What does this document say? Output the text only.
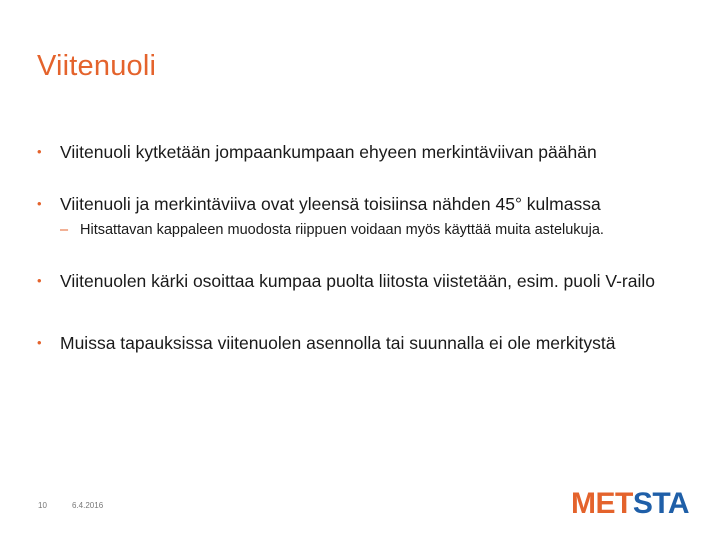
Viitenuoli
• Viitenuoli kytketään jompaankumpaan ehyeen merkintäviivan päähän
• Viitenuoli ja merkintäviiva ovat yleensä toisiinsa nähden 45° kulmassa
– Hitsattavan kappaleen muodosta riippuen voidaan myös käyttää muita astelukuja.
• Viitenuolen kärki osoittaa kumpaa puolta liitosta viistetään, esim. puoli V-railo
• Muissa tapauksissa viitenuolen asennolla tai suunnalla ei ole merkitystä
10	6.4.2016	METSTA
